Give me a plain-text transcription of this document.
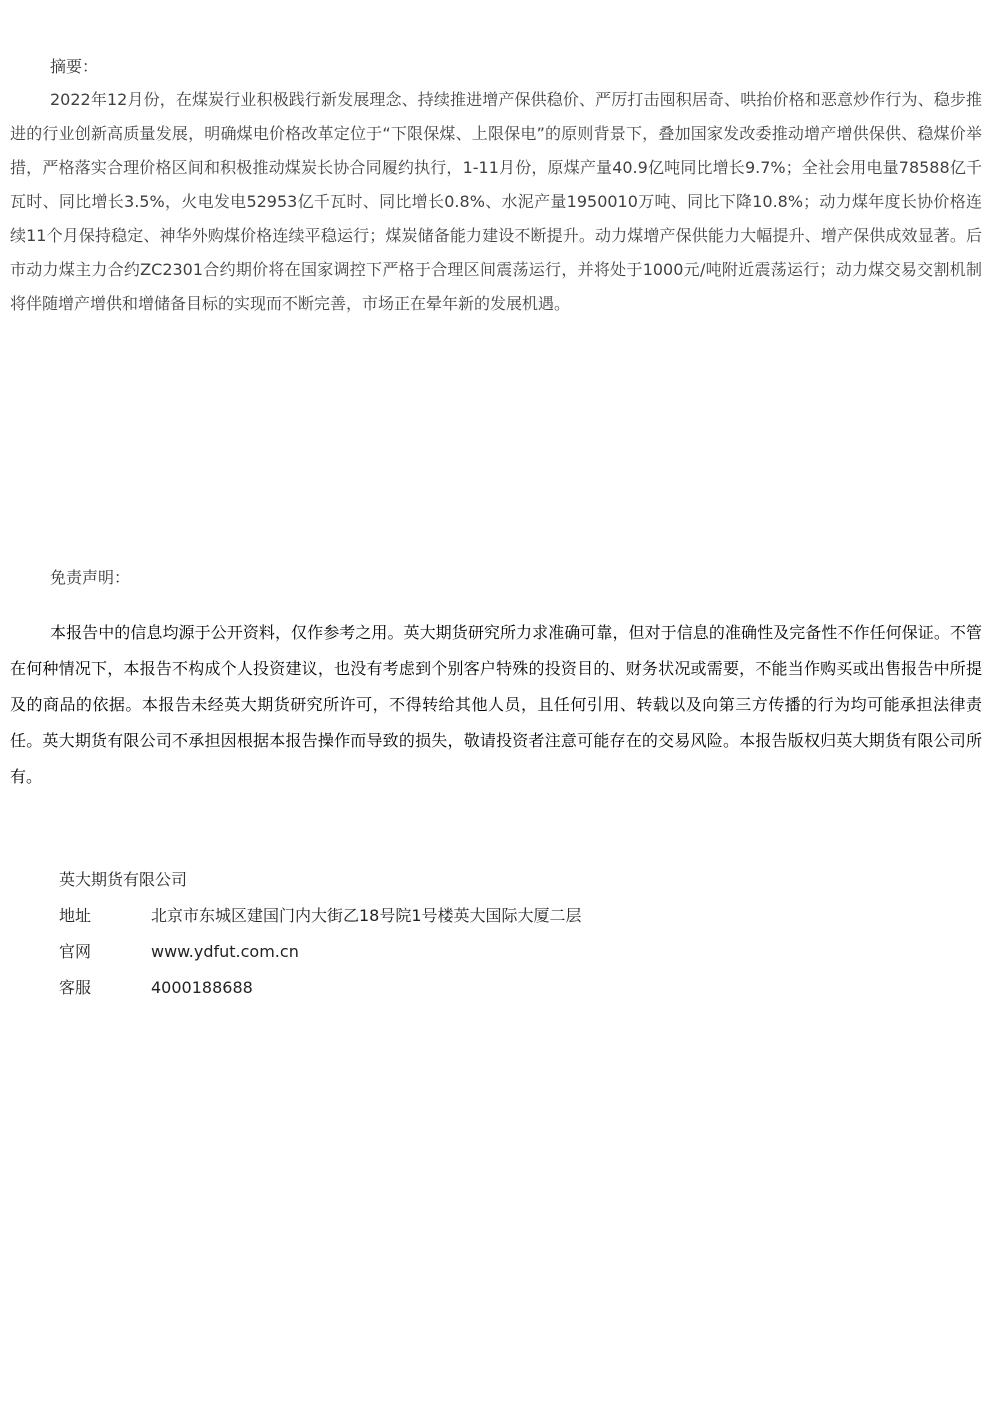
摘要：
2022年12月份，在煤炭行业积极践行新发展理念、持续推进增产保供稳价、严厉打击囤积居奇、哄抬价格和恶意炒作行为、稳步推进的行业创新高质量发展，明确煤电价格改革定位于“下限保煤、上限保电”的原则背景下，叠加国家发改委推动增产增供保供、稳煤价举措，严格落实合理价格区间和积极推动煤炭长协合同履约执行，1-11月份，原煤产量40.9亿吨同比增长9.7%；全社会用电量78588亿千瓦时、同比增长3.5%，火电发电52953亿千瓦时、同比增长0.8%、水泥产量1950010万吨、同比下降10.8%；动力煤年度长协价格连续11个月保持稳定、神华外购煤价格连续平稳运行；煤炭储备能力建设不断提升。动力煤增产保供能力大幅提升、增产保供成效显著。后市动力煤主力合约ZC2301合约期价将在国家调控下严格于合理区间震荡运行，并将处于1000元/吨附近震荡运行；动力煤交易交割机制将伴随增产增供和增储备目标的实现而不断完善，市场正在晕年新的发展机遇。
免责声明：
本报告中的信息均源于公开资料，仅作参考之用。英大期货研究所力求准确可靠，但对于信息的准确性及完备性不作任何保证。不管在何种情况下，本报告不构成个人投资建议，也没有考虑到个别客户特殊的投资目的、财务状况或需要，不能当作购买或出售报告中所提及的商品的依据。本报告未经英大期货研究所许可，不得转给其他人员，且任何引用、转载以及向第三方传播的行为均可能承担法律责任。英大期货有限公司不承担因根据本报告操作而导致的损失，敬请投资者注意可能存在的交易风险。本报告版权归英大期货有限公司所有。
英大期货有限公司
地址	北京市东城区建国门内大街乙18号院1号楼英大国际大厦二层
官网	www.ydfut.com.cn
客服	4000188688
